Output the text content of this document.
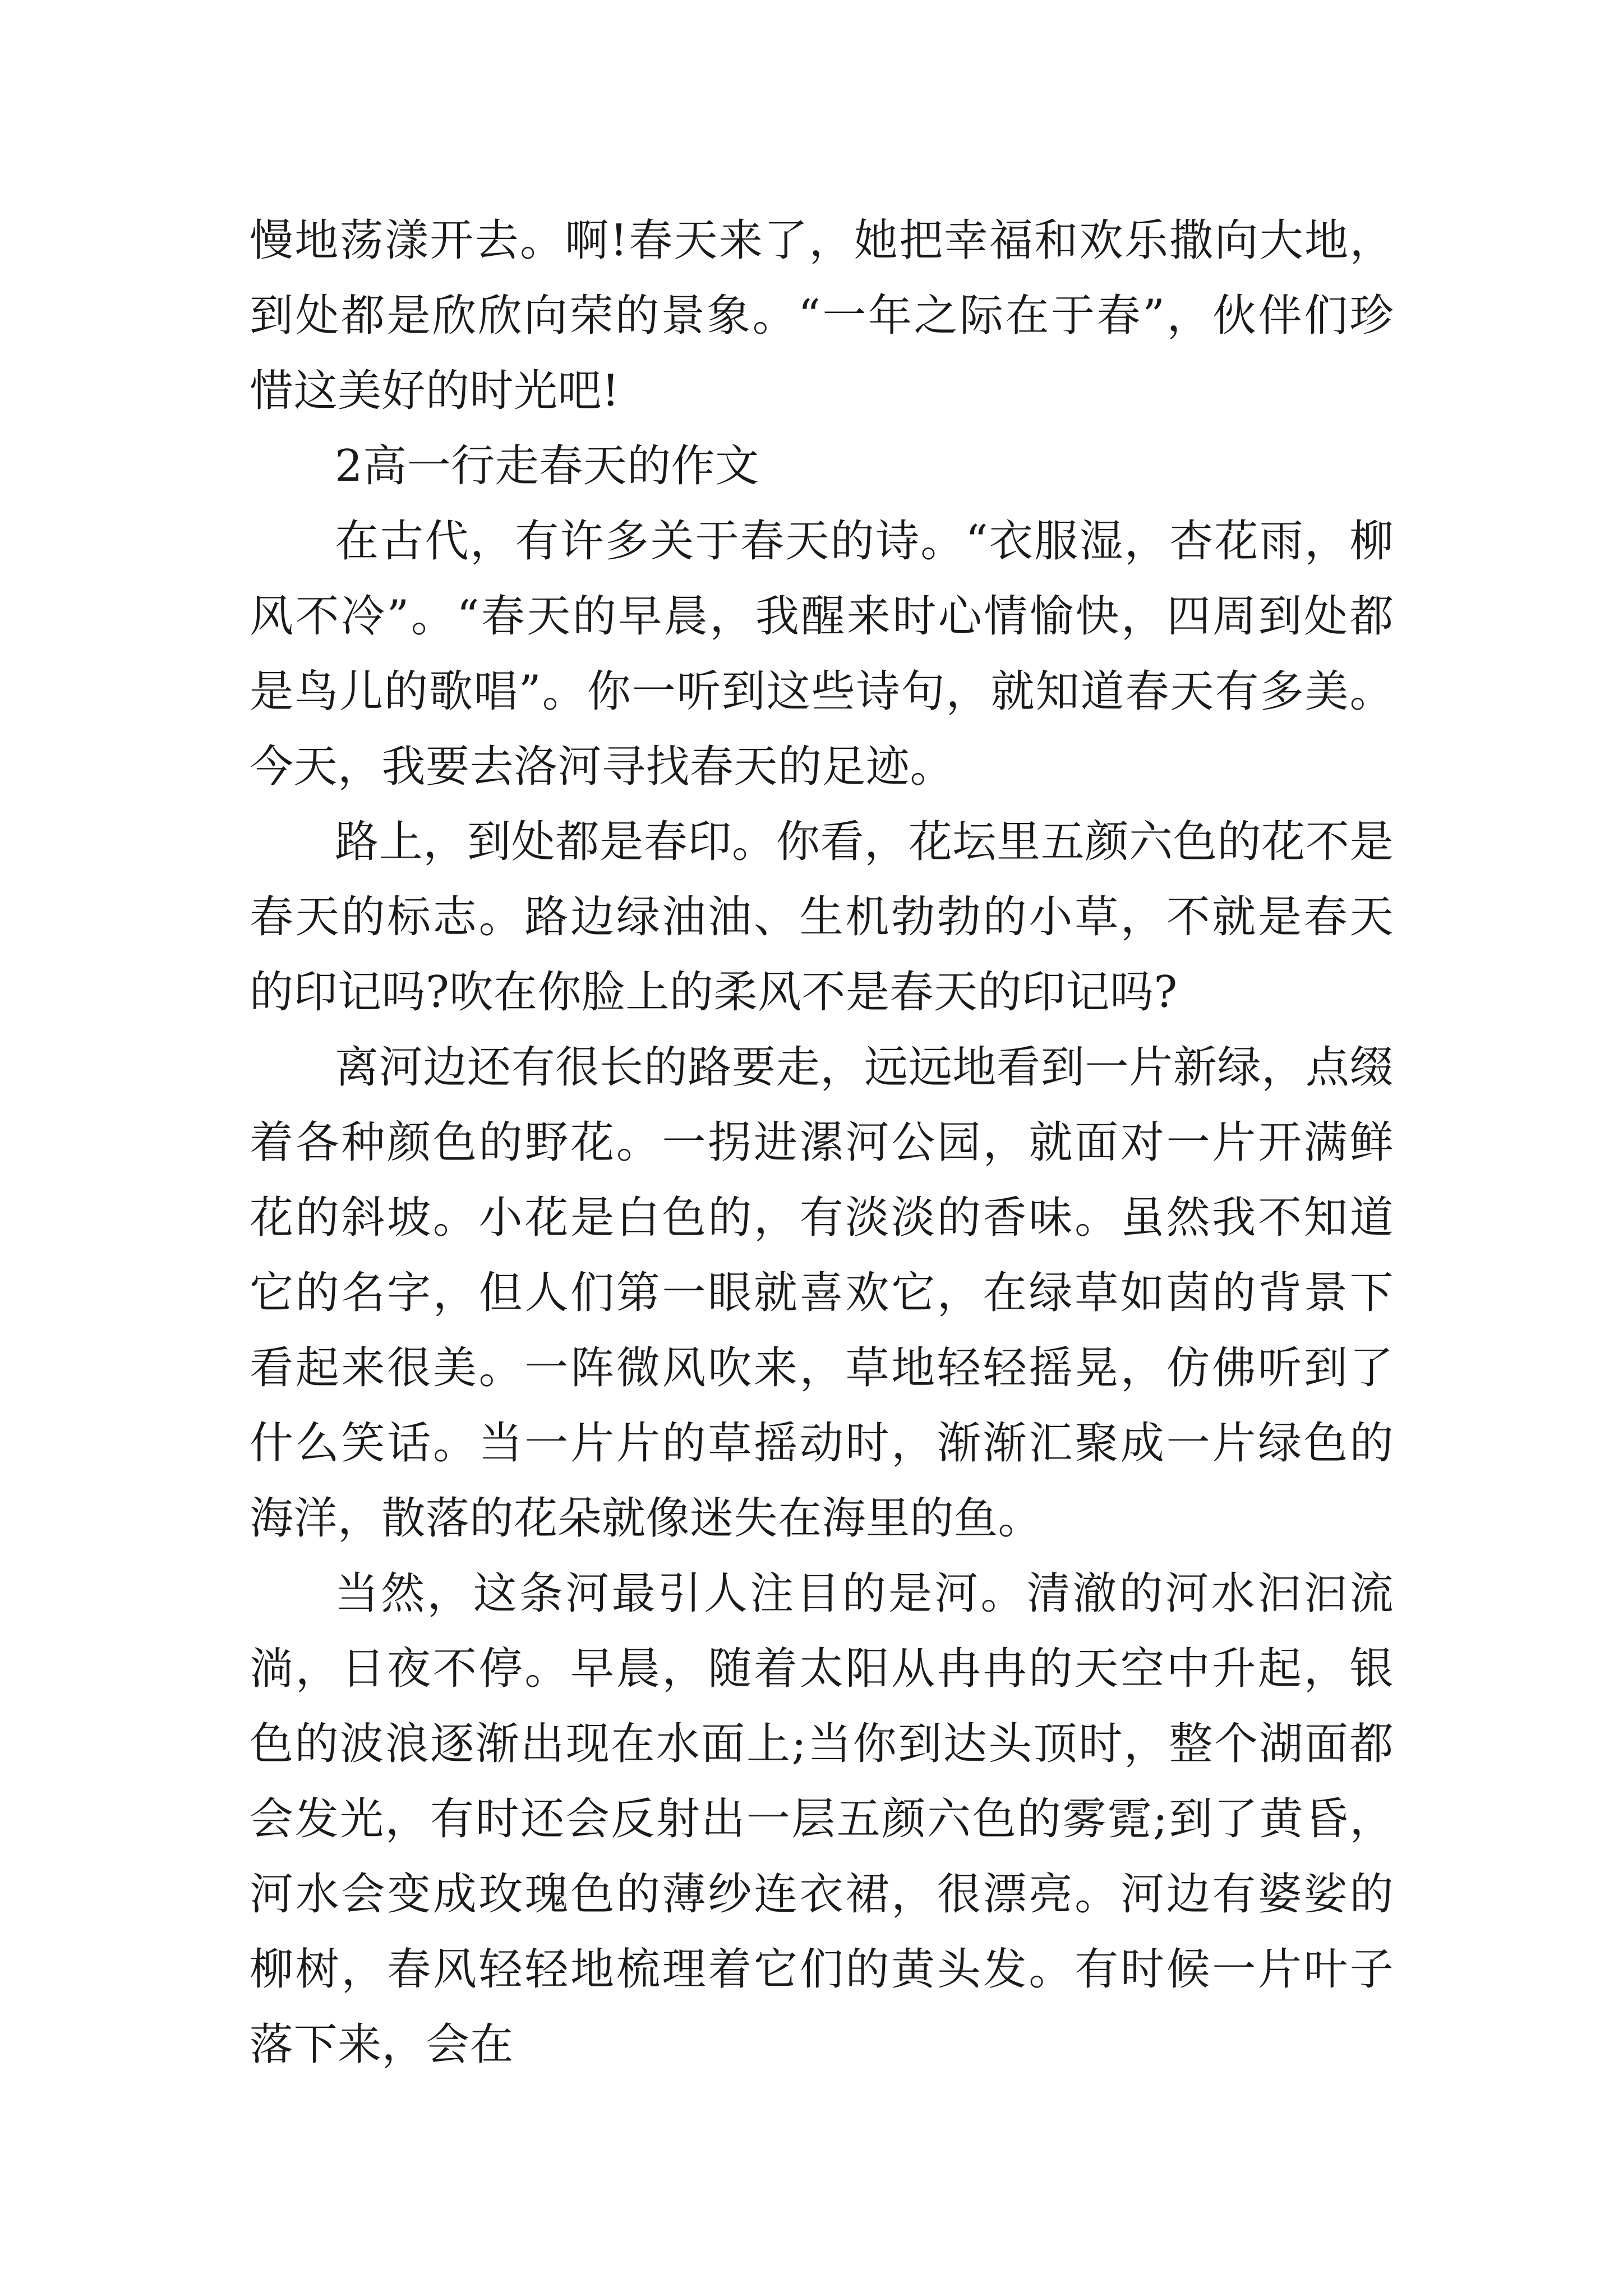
慢地荡漾开去。啊!春天来了，她把幸福和欢乐撒向大地，到处都是欣欣向荣的景象。“一年之际在于春”，伙伴们珍惜这美好的时光吧!

2高一行走春天的作文

在古代，有许多关于春天的诗。“衣服湿，杏花雨，柳风不冷”。“春天的早晨，我醒来时心情愉快，四周到处都是鸟儿的歌唱”。你一听到这些诗句，就知道春天有多美。今天，我要去洛河寻找春天的足迹。

路上，到处都是春印。你看，花坛里五颜六色的花不是春天的标志。路边绿油油、生机勃勃的小草，不就是春天的印记吗?吹在你脸上的柔风不是春天的印记吗?

离河边还有很长的路要走，远远地看到一片新绿，点缀着各种颜色的野花。一拐进漯河公园，就面对一片开满鲜花的斜坡。小花是白色的，有淡淡的香味。虽然我不知道它的名字，但人们第一眼就喜欢它，在绿草如茵的背景下看起来很美。一阵微风吹来，草地轻轻摇晃，仿佛听到了什么笑话。当一片片的草摇动时，渐渐汇聚成一片绿色的海洋，散落的花朵就像迷失在海里的鱼。

当然，这条河最引人注目的是河。清澈的河水汩汩流淌，日夜不停。早晨，随着太阳从冉冉的天空中升起，银色的波浪逐渐出现在水面上;当你到达头顶时，整个湖面都会发光，有时还会反射出一层五颜六色的雾霓;到了黄昏，河水会变成玫瑰色的薄纱连衣裙，很漂亮。河边有婆娑的柳树，春风轻轻地梳理着它们的黄头发。有时候一片叶子落下来，会在
